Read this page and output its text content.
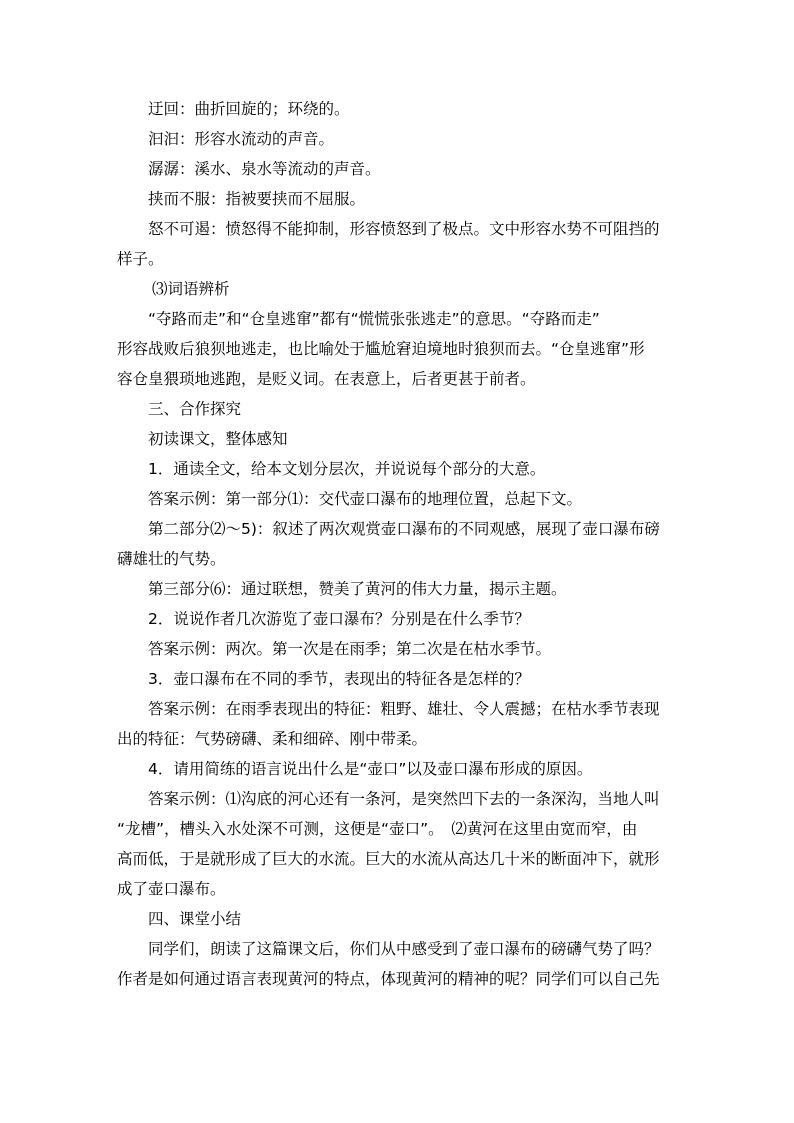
迂回：曲折回旋的；环绕的。

汩汩：形容水流动的声音。

潺潺：溪水、泉水等流动的声音。

挟而不服：指被要挟而不屈服。

怒不可遏：愤怒得不能抑制，形容愤怒到了极点。文中形容水势不可阻挡的

样子。

⑶词语辨析

“夺路而走”和“仓皇逃窜”都有“慌慌张张逃走”的意思。“夺路而走”

形容战败后狼狈地逃走，也比喻处于尴尬窘迫境地时狼狈而去。“仓皇逃窜”形

容仓皇猥琐地逃跑，是贬义词。在表意上，后者更甚于前者。

三、合作探究

初读课文，整体感知

1．通读全文，给本文划分层次，并说说每个部分的大意。

答案示例：第一部分⑴：交代壶口瀑布的地理位置，总起下文。

第二部分⑵～5)：叙述了两次观赏壶口瀑布的不同观感，展现了壶口瀑布磅

礴雄壮的气势。

第三部分⑹：通过联想，赞美了黄河的伟大力量，揭示主题。

2．说说作者几次游览了壶口瀑布？分别是在什么季节？

答案示例：两次。第一次是在雨季；第二次是在枯水季节。

3．壶口瀑布在不同的季节，表现出的特征各是怎样的？

答案示例：在雨季表现出的特征：粗野、雄壮、令人震撼；在枯水季节表现

出的特征：气势磅礴、柔和细碎、刚中带柔。

4．请用简练的语言说出什么是“壶口”以及壶口瀑布形成的原因。

答案示例：⑴沟底的河心还有一条河，是突然凹下去的一条深沟，当地人叫

“龙槽”，槽头入水处深不可测，这便是“壶口”。　⑵黄河在这里由宽而窄，由

高而低，于是就形成了巨大的水流。巨大的水流从高达几十米的断面冲下，就形

成了壶口瀑布。

四、课堂小结

同学们，朗读了这篇课文后，你们从中感受到了壶口瀑布的磅礴气势了吗？

作者是如何通过语言表现黄河的特点，体现黄河的精神的呢？同学们可以自己先
